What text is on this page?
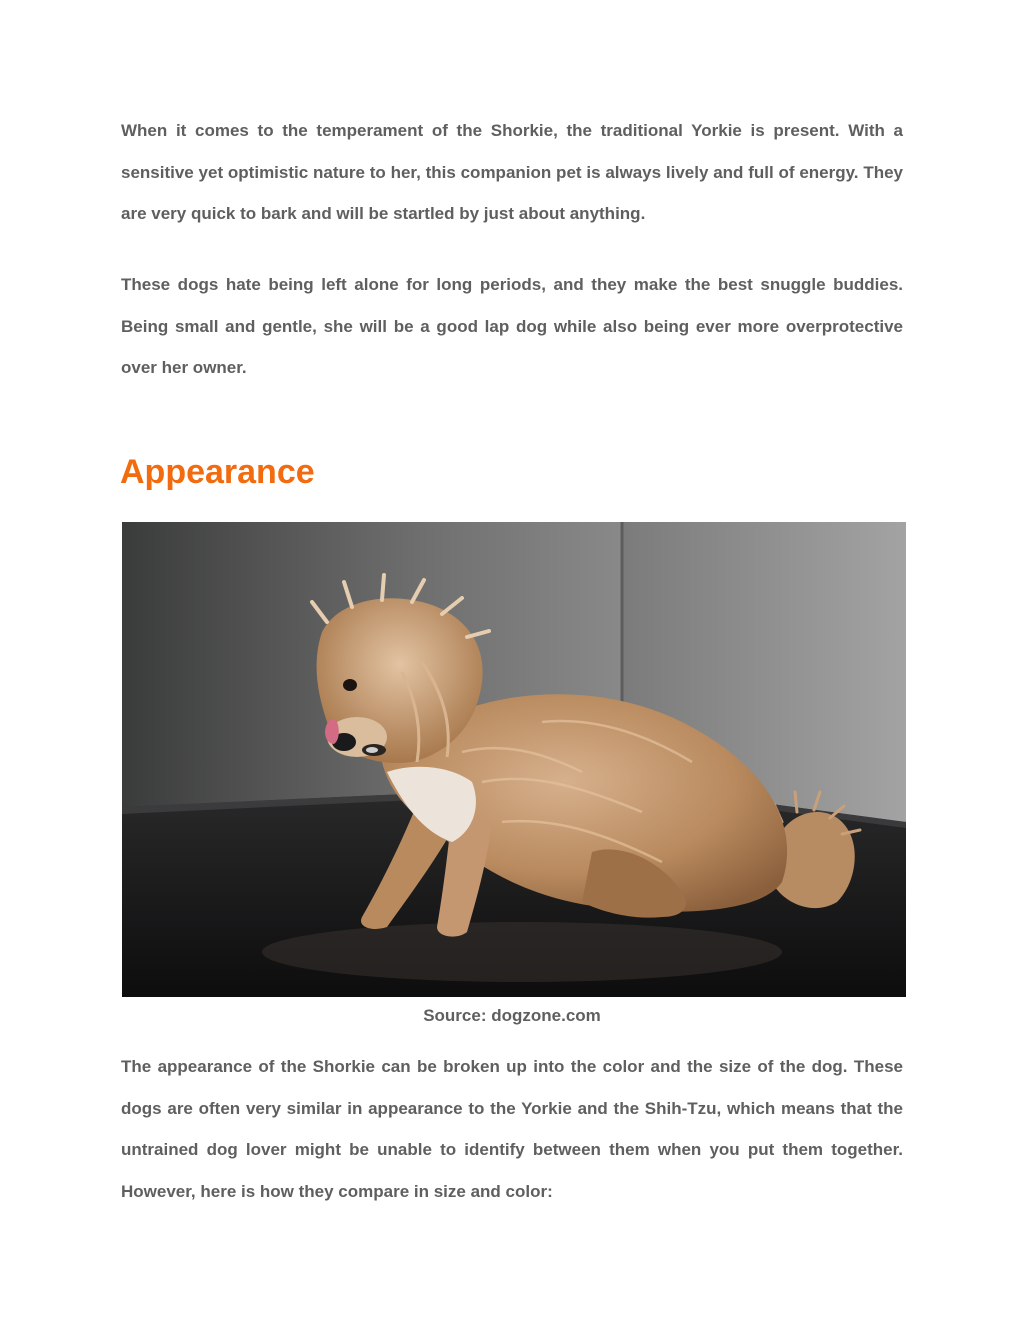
When it comes to the temperament of the Shorkie, the traditional Yorkie is present. With a sensitive yet optimistic nature to her, this companion pet is always lively and full of energy. They are very quick to bark and will be startled by just about anything.

These dogs hate being left alone for long periods, and they make the best snuggle buddies. Being small and gentle, she will be a good lap dog while also being ever more overprotective over her owner.

Appearance

Source: dogzone.com

The appearance of the Shorkie can be broken up into the color and the size of the dog. These dogs are often very similar in appearance to the Yorkie and the Shih-Tzu, which means that the untrained dog lover might be unable to identify between them when you put them together. However, here is how they compare in size and color:
